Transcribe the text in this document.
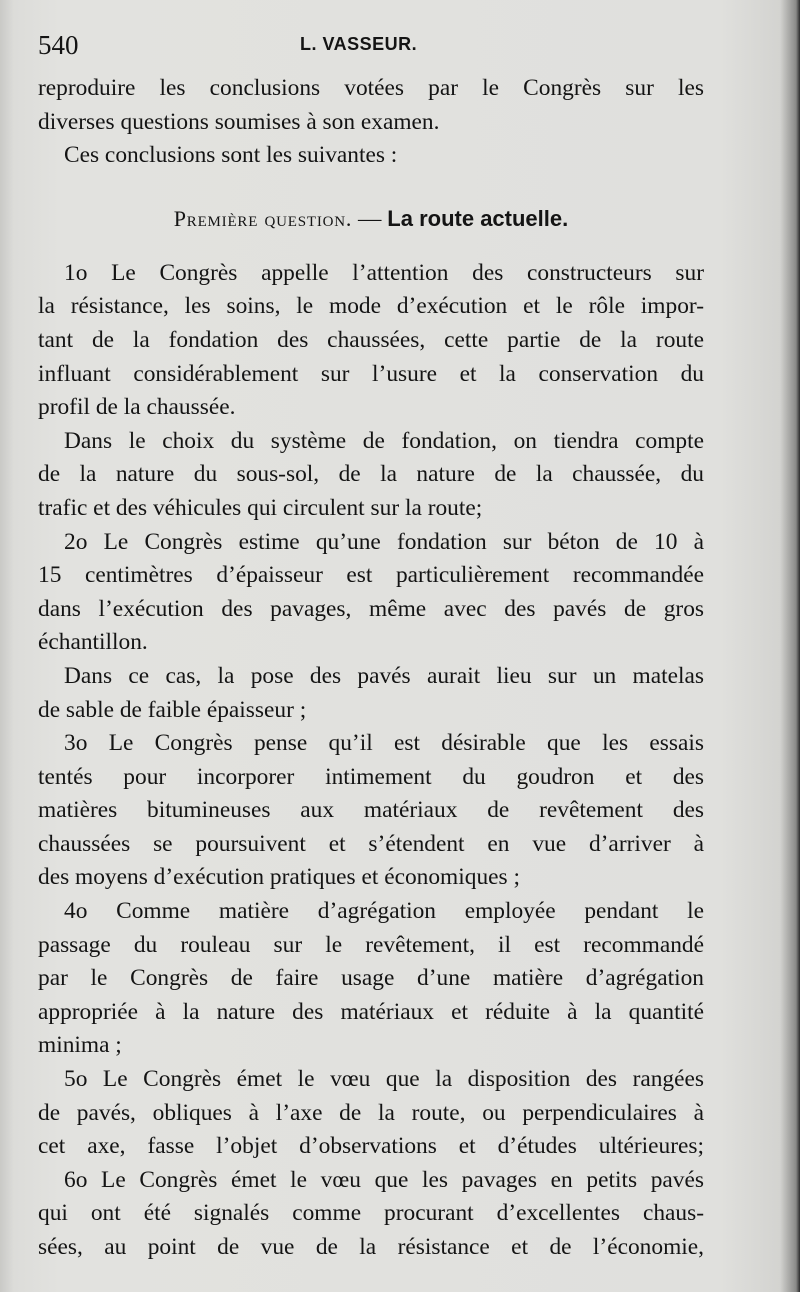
540	L. VASSEUR.
reproduire les conclusions votées par le Congrès sur les
diverses questions soumises à son examen.
Ces conclusions sont les suivantes :
Première question. — La route actuelle.
1o Le Congrès appelle l’attention des constructeurs sur
la résistance, les soins, le mode d’exécution et le rôle impor-
tant de la fondation des chaussées, cette partie de la route
influant considérablement sur l’usure et la conservation du
profil de la chaussée.
Dans le choix du système de fondation, on tiendra compte
de la nature du sous-sol, de la nature de la chaussée, du
trafic et des véhicules qui circulent sur la route;
2o Le Congrès estime qu’une fondation sur béton de 10 à
15 centimètres d’épaisseur est particulièrement recommandée
dans l’exécution des pavages, même avec des pavés de gros
échantillon.
Dans ce cas, la pose des pavés aurait lieu sur un matelas
de sable de faible épaisseur ;
3o Le Congrès pense qu’il est désirable que les essais
tentés pour incorporer intimement du goudron et des
matières bitumineuses aux matériaux de revêtement des
chaussées se poursuivent et s’étendent en vue d’arriver à
des moyens d’exécution pratiques et économiques ;
4o Comme matière d’agrégation employée pendant le
passage du rouleau sur le revêtement, il est recommandé
par le Congrès de faire usage d’une matière d’agrégation
appropriée à la nature des matériaux et réduite à la quantité
minima ;
5o Le Congrès émet le vœu que la disposition des rangées
de pavés, obliques à l’axe de la route, ou perpendiculaires à
cet axe, fasse l’objet d’observations et d’études ultérieures;
6o Le Congrès émet le vœu que les pavages en petits pavés
qui ont été signalés comme procurant d’excellentes chaus-
sées, au point de vue de la résistance et de l’économie,
